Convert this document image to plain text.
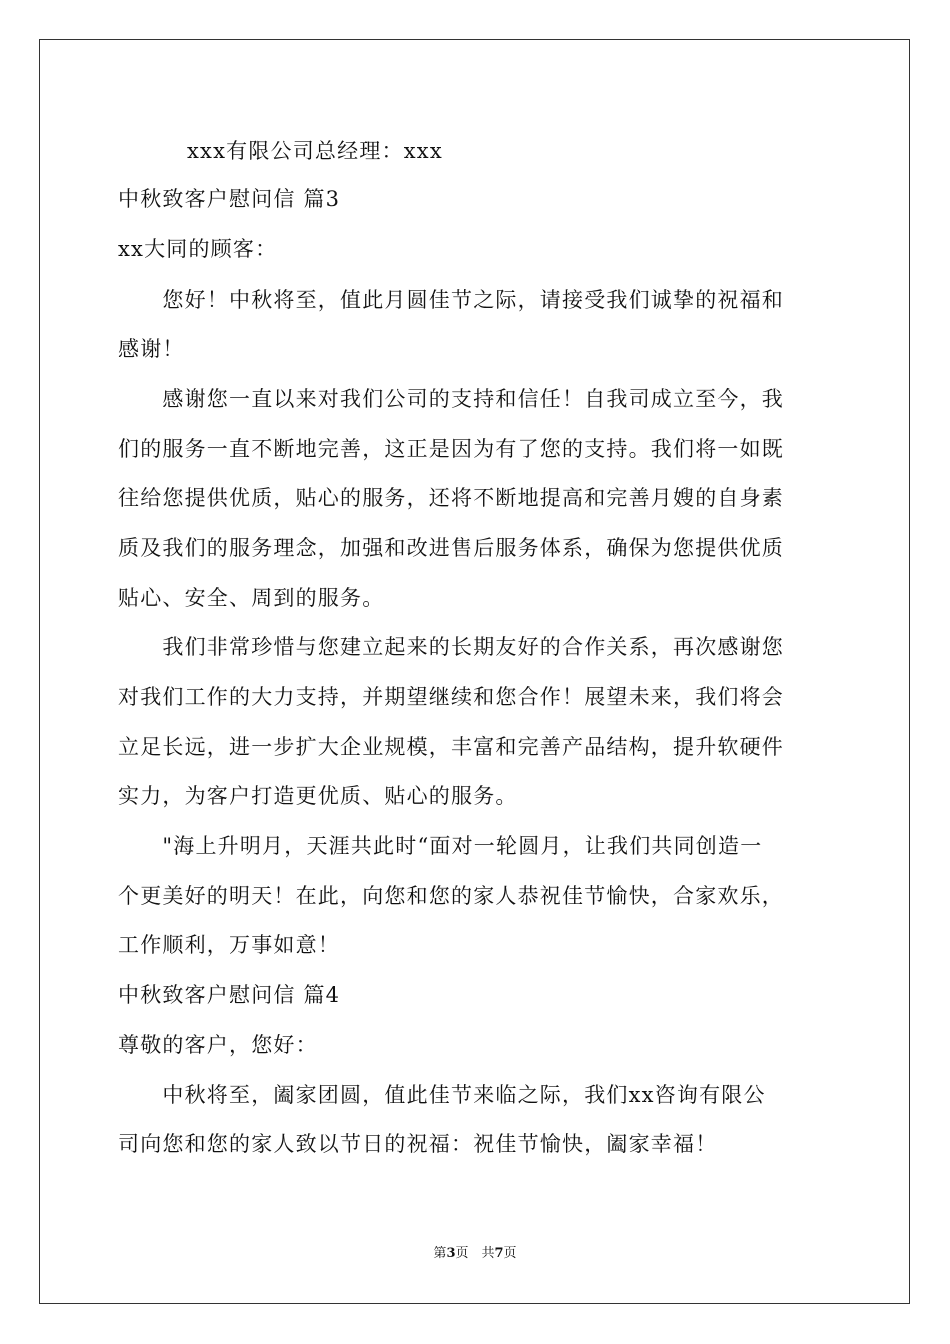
xxx有限公司总经理：xxx
中秋致客户慰问信 篇3
xx大同的顾客：
　　您好！中秋将至，值此月圆佳节之际，请接受我们诚挚的祝福和
感谢！
　　感谢您一直以来对我们公司的支持和信任！自我司成立至今，我
们的服务一直不断地完善，这正是因为有了您的支持。我们将一如既
往给您提供优质，贴心的服务，还将不断地提高和完善月嫂的自身素
质及我们的服务理念，加强和改进售后服务体系，确保为您提供优质
贴心、安全、周到的服务。
　　我们非常珍惜与您建立起来的长期友好的合作关系，再次感谢您
对我们工作的大力支持，并期望继续和您合作！展望未来，我们将会
立足长远，进一步扩大企业规模，丰富和完善产品结构，提升软硬件
实力，为客户打造更优质、贴心的服务。
　　"海上升明月，天涯共此时“面对一轮圆月，让我们共同创造一
个更美好的明天！在此，向您和您的家人恭祝佳节愉快，合家欢乐，
工作顺利，万事如意！
中秋致客户慰问信 篇4
尊敬的客户，您好：
　　中秋将至，阖家团圆，值此佳节来临之际，我们xx咨询有限公
司向您和您的家人致以节日的祝福：祝佳节愉快，阖家幸福！
第3页　共7页
